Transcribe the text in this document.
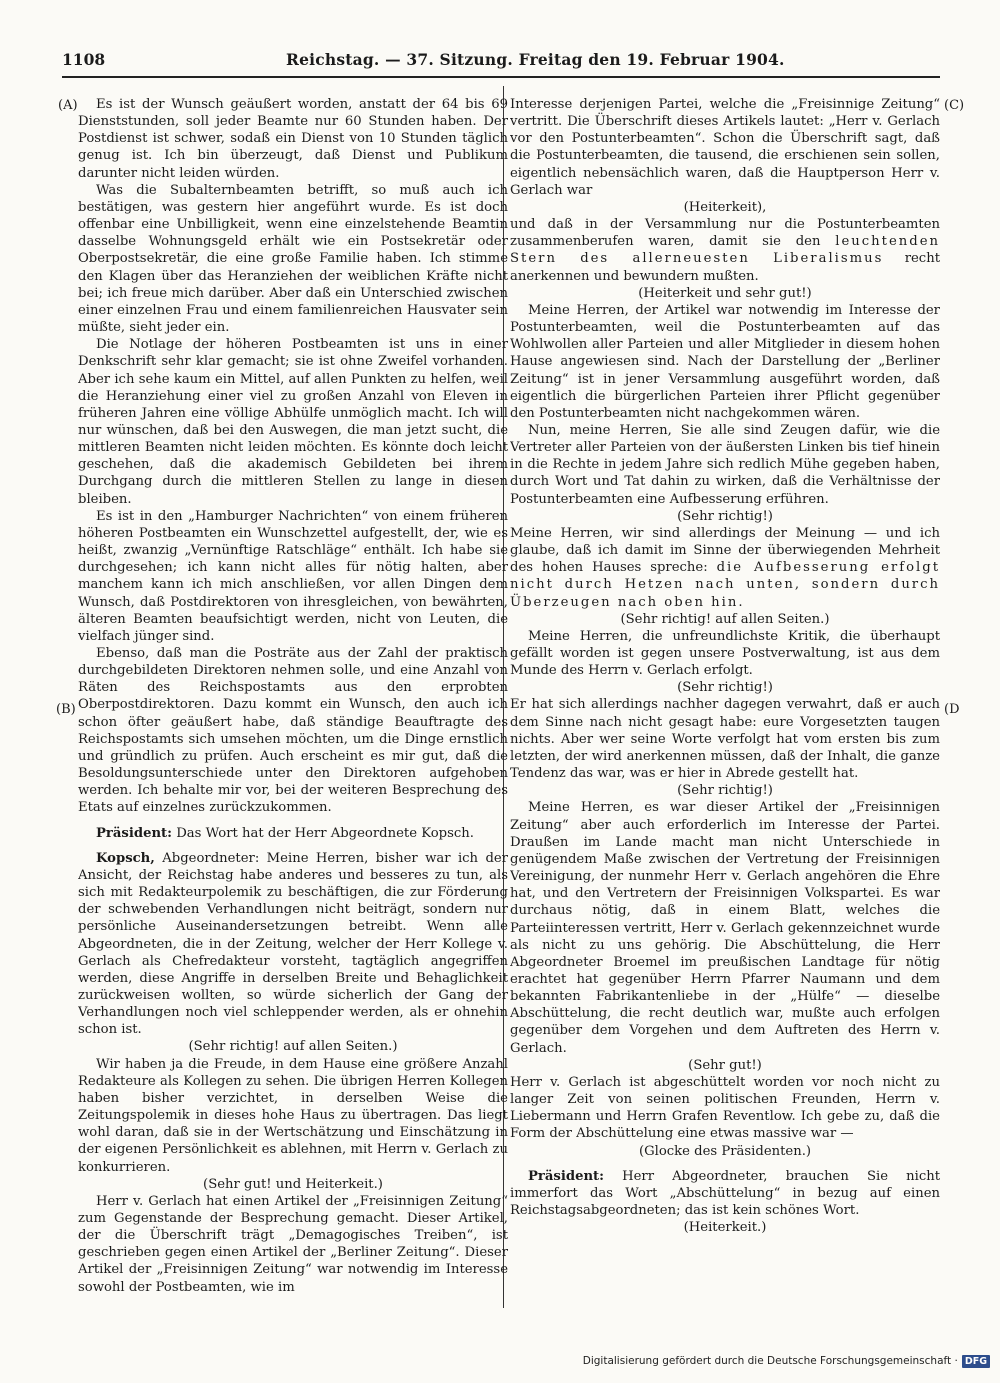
1108	Reichstag. — 37. Sitzung. Freitag den 19. Februar 1904.
(A)
(B)
(C)
(D

Es ist der Wunsch geäußert worden, anstatt der 64 bis 69 Dienststunden, soll jeder Beamte nur 60 Stunden haben. Der Postdienst ist schwer, sodaß ein Dienst von 10 Stunden täglich genug ist. Ich bin überzeugt, daß Dienst und Publikum darunter nicht leiden würden.

Was die Subalternbeamten betrifft, so muß auch ich bestätigen, was gestern hier angeführt wurde. Es ist doch offenbar eine Unbilligkeit, wenn eine einzelstehende Beamtin dasselbe Wohnungsgeld erhält wie ein Postsekretär oder Oberpostsekretär, die eine große Familie haben. Ich stimme den Klagen über das Heranziehen der weiblichen Kräfte nicht bei; ich freue mich darüber. Aber daß ein Unterschied zwischen einer einzelnen Frau und einem familienreichen Hausvater sein müßte, sieht jeder ein.

Die Notlage der höheren Postbeamten ist uns in einer Denkschrift sehr klar gemacht; sie ist ohne Zweifel vorhanden. Aber ich sehe kaum ein Mittel, auf allen Punkten zu helfen, weil die Heranziehung einer viel zu großen Anzahl von Eleven in früheren Jahren eine völlige Abhülfe unmöglich macht. Ich will nur wünschen, daß bei den Auswegen, die man jetzt sucht, die mittleren Beamten nicht leiden möchten. Es könnte doch leicht geschehen, daß die akademisch Gebildeten bei ihrem Durchgang durch die mittleren Stellen zu lange in diesen bleiben.

Es ist in den „Hamburger Nachrichten“ von einem früheren höheren Postbeamten ein Wunschzettel aufgestellt, der, wie es heißt, zwanzig „Vernünftige Ratschläge“ enthält. Ich habe sie durchgesehen; ich kann nicht alles für nötig halten, aber manchem kann ich mich anschließen, vor allen Dingen dem Wunsch, daß Postdirektoren von ihresgleichen, von bewährten, älteren Beamten beaufsichtigt werden, nicht von Leuten, die vielfach jünger sind.

Ebenso, daß man die Posträte aus der Zahl der praktisch durchgebildeten Direktoren nehmen solle, und eine Anzahl von Räten des Reichspostamts aus den erprobten Oberpostdirektoren. Dazu kommt ein Wunsch, den auch ich schon öfter geäußert habe, daß ständige Beauftragte des Reichspostamts sich umsehen möchten, um die Dinge ernstlich und gründlich zu prüfen. Auch erscheint es mir gut, daß die Besoldungsunterschiede unter den Direktoren aufgehoben werden. Ich behalte mir vor, bei der weiteren Besprechung des Etats auf einzelnes zurückzukommen.

Präsident: Das Wort hat der Herr Abgeordnete Kopsch.

Kopsch, Abgeordneter: Meine Herren, bisher war ich der Ansicht, der Reichstag habe anderes und besseres zu tun, als sich mit Redakteurpolemik zu beschäftigen, die zur Förderung der schwebenden Verhandlungen nicht beiträgt, sondern nur persönliche Auseinandersetzungen betreibt. Wenn alle Abgeordneten, die in der Zeitung, welcher der Herr Kollege v. Gerlach als Chefredakteur vorsteht, tagtäglich angegriffen werden, diese Angriffe in derselben Breite und Behaglichkeit zurückweisen wollten, so würde sicherlich der Gang der Verhandlungen noch viel schleppender werden, als er ohnehin schon ist.

(Sehr richtig! auf allen Seiten.)

Wir haben ja die Freude, in dem Hause eine größere Anzahl Redakteure als Kollegen zu sehen. Die übrigen Herren Kollegen haben bisher verzichtet, in derselben Weise die Zeitungspolemik in dieses hohe Haus zu übertragen. Das liegt wohl daran, daß sie in der Wertschätzung und Einschätzung in der eigenen Persönlichkeit es ablehnen, mit Herrn v. Gerlach zu konkurrieren.

(Sehr gut! und Heiterkeit.)

Herr v. Gerlach hat einen Artikel der „Freisinnigen Zeitung“ zum Gegenstande der Besprechung gemacht. Dieser Artikel, der die Überschrift trägt „Demagogisches Treiben“, ist geschrieben gegen einen Artikel der „Berliner Zeitung“. Dieser Artikel der „Freisinnigen Zeitung“ war notwendig im Interesse sowohl der Postbeamten, wie im

Interesse derjenigen Partei, welche die „Freisinnige Zeitung“ vertritt. Die Überschrift dieses Artikels lautet: „Herr v. Gerlach vor den Postunterbeamten“. Schon die Überschrift sagt, daß die Postunterbeamten, die tausend, die erschienen sein sollen, eigentlich nebensächlich waren, daß die Hauptperson Herr v. Gerlach war

(Heiterkeit),

und daß in der Versammlung nur die Postunterbeamten zusammenberufen waren, damit sie den leuchtenden Stern des allerneuesten Liberalismus recht anerkennen und bewundern mußten.

(Heiterkeit und sehr gut!)

Meine Herren, der Artikel war notwendig im Interesse der Postunterbeamten, weil die Postunterbeamten auf das Wohlwollen aller Parteien und aller Mitglieder in diesem hohen Hause angewiesen sind. Nach der Darstellung der „Berliner Zeitung“ ist in jener Versammlung ausgeführt worden, daß eigentlich die bürgerlichen Parteien ihrer Pflicht gegenüber den Postunterbeamten nicht nachgekommen wären.

Nun, meine Herren, Sie alle sind Zeugen dafür, wie die Vertreter aller Parteien von der äußersten Linken bis tief hinein in die Rechte in jedem Jahre sich redlich Mühe gegeben haben, durch Wort und Tat dahin zu wirken, daß die Verhältnisse der Postunterbeamten eine Aufbesserung erführen.

(Sehr richtig!)

Meine Herren, wir sind allerdings der Meinung — und ich glaube, daß ich damit im Sinne der überwiegenden Mehrheit des hohen Hauses spreche: die Aufbesserung erfolgt nicht durch Hetzen nach unten, sondern durch Überzeugen nach oben hin.

(Sehr richtig! auf allen Seiten.)

Meine Herren, die unfreundlichste Kritik, die überhaupt gefällt worden ist gegen unsere Postverwaltung, ist aus dem Munde des Herrn v. Gerlach erfolgt.

(Sehr richtig!)

Er hat sich allerdings nachher dagegen verwahrt, daß er auch dem Sinne nach nicht gesagt habe: eure Vorgesetzten taugen nichts. Aber wer seine Worte verfolgt hat vom ersten bis zum letzten, der wird anerkennen müssen, daß der Inhalt, die ganze Tendenz das war, was er hier in Abrede gestellt hat.

(Sehr richtig!)

Meine Herren, es war dieser Artikel der „Freisinnigen Zeitung“ aber auch erforderlich im Interesse der Partei. Draußen im Lande macht man nicht Unterschiede in genügendem Maße zwischen der Vertretung der Freisinnigen Vereinigung, der nunmehr Herr v. Gerlach angehören die Ehre hat, und den Vertretern der Freisinnigen Volkspartei. Es war durchaus nötig, daß in einem Blatt, welches die Parteiinteressen vertritt, Herr v. Gerlach gekennzeichnet wurde als nicht zu uns gehörig. Die Abschüttelung, die Herr Abgeordneter Broemel im preußischen Landtage für nötig erachtet hat gegenüber Herrn Pfarrer Naumann und dem bekannten Fabrikantenliebe in der „Hülfe“ — dieselbe Abschüttelung, die recht deutlich war, mußte auch erfolgen gegenüber dem Vorgehen und dem Auftreten des Herrn v. Gerlach.

(Sehr gut!)

Herr v. Gerlach ist abgeschüttelt worden vor noch nicht zu langer Zeit von seinen politischen Freunden, Herrn v. Liebermann und Herrn Grafen Reventlow. Ich gebe zu, daß die Form der Abschüttelung eine etwas massive war —

(Glocke des Präsidenten.)

Präsident: Herr Abgeordneter, brauchen Sie nicht immerfort das Wort „Abschüttelung“ in bezug auf einen Reichstagsabgeordneten; das ist kein schönes Wort.

(Heiterkeit.)

Digitalisierung gefördert durch die Deutsche Forschungsgemeinschaft · DFG
